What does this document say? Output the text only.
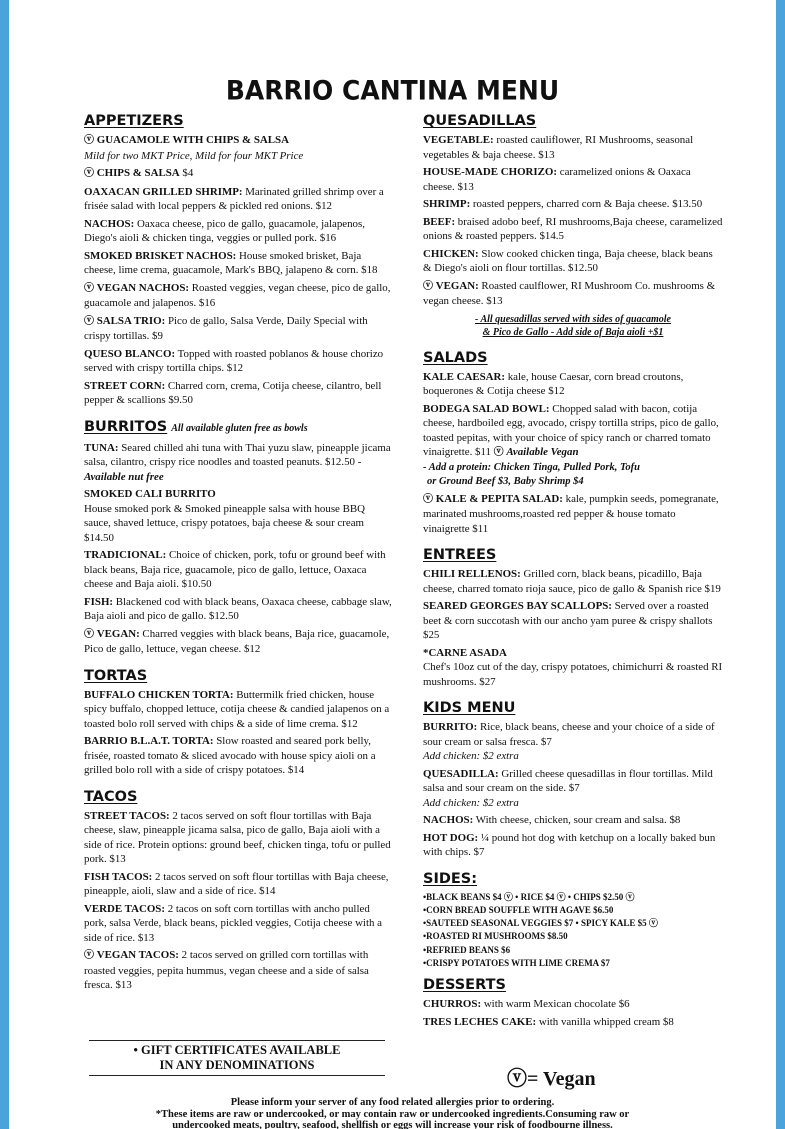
BARRIO CANTINA MENU
APPETIZERS
ⓥ GUACAMOLE WITH CHIPS & SALSA
Mild for two MKT Price, Mild for four MKT Price
ⓥ CHIPS & SALSA $4
OAXACAN GRILLED SHRIMP: Marinated grilled shrimp over a frisée salad with local peppers & pickled red onions. $12
NACHOS: Oaxaca cheese, pico de gallo, guacamole, jalapenos, Diego's aioli & chicken tinga, veggies or pulled pork. $16
SMOKED BRISKET NACHOS: House smoked brisket, Baja cheese, lime crema, guacamole, Mark's BBQ, jalapeno & corn. $18
ⓥ VEGAN NACHOS: Roasted veggies, vegan cheese, pico de gallo, guacamole and jalapenos. $16
ⓥ SALSA TRIO: Pico de gallo, Salsa Verde, Daily Special with crispy tortillas. $9
QUESO BLANCO: Topped with roasted poblanos & house chorizo served with crispy tortilla chips. $12
STREET CORN: Charred corn, crema, Cotija cheese, cilantro, bell pepper & scallions $9.50
BURRITOS All available gluten free as bowls
TUNA: Seared chilled ahi tuna with Thai yuzu slaw, pineapple jicama salsa, cilantro, crispy rice noodles and toasted peanuts. $12.50 -Available nut free
SMOKED CALI BURRITO
House smoked pork & Smoked pineapple salsa with house BBQ sauce, shaved lettuce, crispy potatoes, baja cheese & sour cream $14.50
TRADICIONAL: Choice of chicken, pork, tofu or ground beef with black beans, Baja rice, guacamole, pico de gallo, lettuce, Oaxaca cheese and Baja aioli. $10.50
FISH: Blackened cod with black beans, Oaxaca cheese, cabbage slaw, Baja aioli and pico de gallo. $12.50
ⓥ VEGAN: Charred veggies with black beans, Baja rice, guacamole, Pico de gallo, lettuce, vegan cheese. $12
TORTAS
BUFFALO CHICKEN TORTA: Buttermilk fried chicken, house spicy buffalo, chopped lettuce, cotija cheese & candied jalapenos on a toasted bolo roll served with chips & a side of lime crema. $12
BARRIO B.L.A.T. TORTA: Slow roasted and seared pork belly, frisée, roasted tomato & sliced avocado with house spicy aioli on a grilled bolo roll with a side of crispy potatoes. $14
TACOS
STREET TACOS: 2 tacos served on soft flour tortillas with Baja cheese, slaw, pineapple jicama salsa, pico de gallo, Baja aioli with a side of rice. Protein options: ground beef, chicken tinga, tofu or pulled pork. $13
FISH TACOS: 2 tacos served on soft flour tortillas with Baja cheese, pineapple, aioli, slaw and a side of rice. $14
VERDE TACOS: 2 tacos on soft corn tortillas with ancho pulled pork, salsa Verde, black beans, pickled veggies, Cotija cheese with a side of rice. $13
ⓥ VEGAN TACOS: 2 tacos served on grilled corn tortillas with roasted veggies, pepita hummus, vegan cheese and a side of salsa fresca. $13
• GIFT CERTIFICATES AVAILABLE
IN ANY DENOMINATIONS
QUESADILLAS
VEGETABLE: roasted cauliflower, RI Mushrooms, seasonal vegetables & baja cheese. $13
HOUSE-MADE CHORIZO: caramelized onions & Oaxaca cheese. $13
SHRIMP: roasted peppers, charred corn & Baja cheese. $13.50
BEEF: braised adobo beef, RI mushrooms,Baja cheese, caramelized onions & roasted peppers. $14.5
CHICKEN: Slow cooked chicken tinga, Baja cheese, black beans & Diego's aioli on flour tortillas. $12.50
ⓥ VEGAN: Roasted caulflower, RI Mushroom Co. mushrooms & vegan cheese. $13
- All quesadillas served with sides of guacamole
& Pico de Gallo - Add side of Baja aioli +$1
SALADS
KALE CAESAR: kale, house Caesar, corn bread croutons, boquerones & Cotija cheese $12
BODEGA SALAD BOWL: Chopped salad with bacon, cotija cheese, hardboiled egg, avocado, crispy tortilla strips, pico de gallo, toasted pepitas, with your choice of spicy ranch or charred tomato vinaigrette. $11 ⓥ Available Vegan
- Add a protein: Chicken Tinga, Pulled Pork, Tofu
or Ground Beef $3, Baby Shrimp $4
ⓥ KALE & PEPITA SALAD: kale, pumpkin seeds, pomegranate, marinated mushrooms,roasted red pepper & house tomato vinaigrette $11
ENTREES
CHILI RELLENOS: Grilled corn, black beans, picadillo, Baja cheese, charred tomato rioja sauce, pico de gallo & Spanish rice $19
SEARED GEORGES BAY SCALLOPS: Served over a roasted beet & corn succotash with our ancho yam puree & crispy shallots $25
*CARNE ASADA
Chef's 10oz cut of the day, crispy potatoes, chimichurri & roasted RI mushrooms. $27
KIDS MENU
BURRITO: Rice, black beans, cheese and your choice of a side of sour cream or salsa fresca. $7
Add chicken: $2 extra
QUESADILLA: Grilled cheese quesadillas in flour tortillas. Mild salsa and sour cream on the side. $7
Add chicken: $2 extra
NACHOS: With cheese, chicken, sour cream and salsa. $8
HOT DOG: ¼ pound hot dog with ketchup on a locally baked bun with chips. $7
SIDES:
• BLACK BEANS $4 ⓥ • RICE $4 ⓥ • CHIPS $2.50 ⓥ
• CORN BREAD SOUFFLE WITH AGAVE $6.50
• SAUTEED SEASONAL VEGGIES $7 • SPICY KALE $5 ⓥ
• ROASTED RI MUSHROOMS $8.50
• REFRIED BEANS $6
• CRISPY POTATOES WITH LIME CREMA $7
DESSERTS
CHURROS: with warm Mexican chocolate $6
TRES LECHES CAKE: with vanilla whipped cream $8
ⓥ= Vegan
Please inform your server of any food related allergies prior to ordering.
*These items are raw or undercooked, or may contain raw or undercooked ingredients.Consuming raw or
undercooked meats, poultry, seafood, shellfish or eggs will increase your risk of foodbourne illness.
